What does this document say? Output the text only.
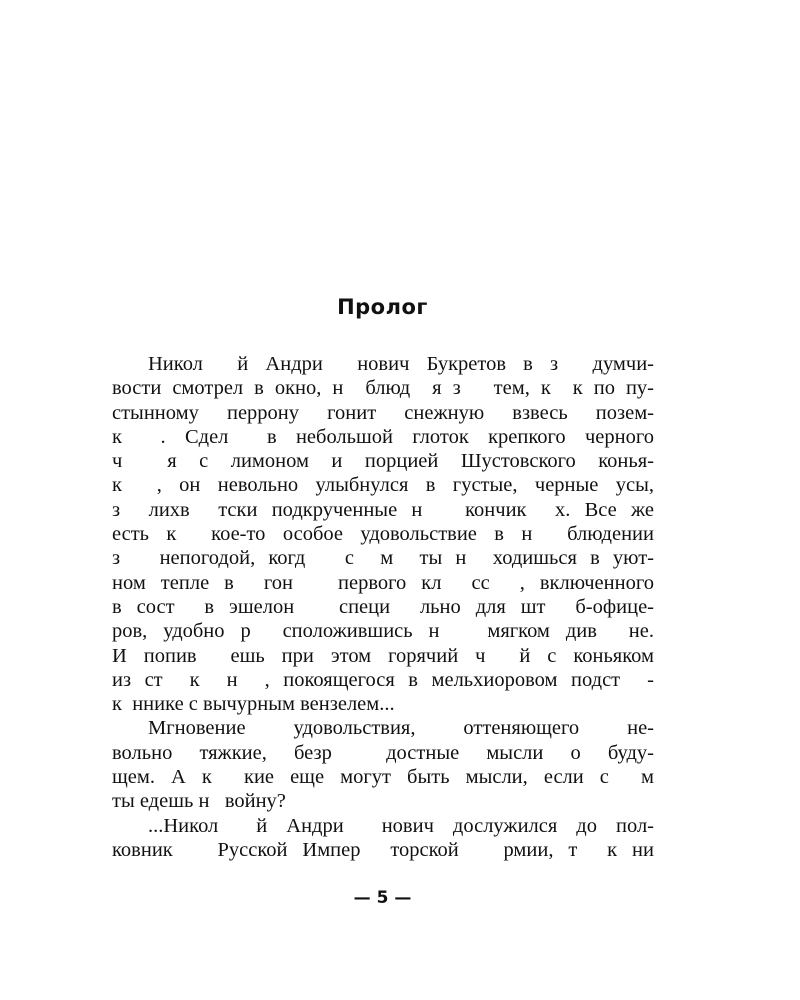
Пролог
Никол  й Андри  нович Букретов в з  думчи-
вости смотрел в окно, н  блюд  я з   тем, к  к по пу-
стынному перрону гонит снежную взвесь позем-
к  . Сдел  в небольшой глоток крепкого черного
ч  я с лимоном и порцией Шустовского конья-
к  , он невольно улыбнулся в густые, черные усы,
з  лихв  тски подкрученные н   кончик  х. Все же
есть к  кое-то особое удовольствие в н  блюдении
з   непогодой, когд   с  м  ты н  ходишься в уют-
ном тепле в  гон   первого кл  сс  , включенного
в сост  в эшелон   специ  льно для шт  б-офице-
ров, удобно р  сположившись н   мягком див  не.
И попив  ешь при этом горячий ч  й с коньяком
из ст  к  н  , покоящегося в мельхиоровом подст  -
к  ннике с вычурным вензелем...
Мгновение удовольствия, оттеняющего не-
вольно тяжкие, безр  достные мысли о буду-
щем. А к  кие еще могут быть мысли, если с  м
ты едешь н   войну?
...Никол  й Андри  нович дослужился до пол-
ковник   Русской Импер  торской   рмии, т  к ни
— 5 —
